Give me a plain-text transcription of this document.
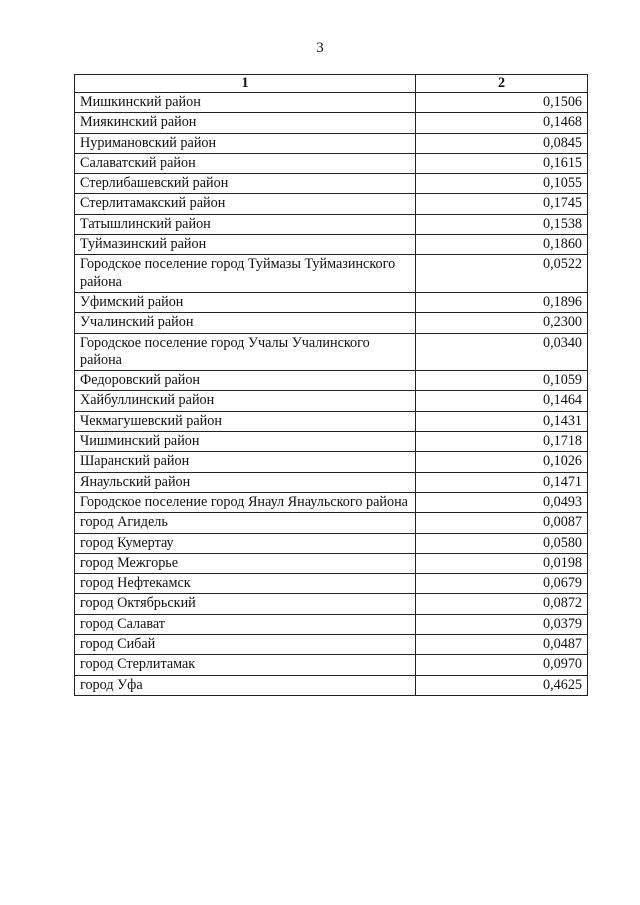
3
1	2
Мишкинский район	0,1506
Миякинский район	0,1468
Нуримановский район	0,0845
Салаватский район	0,1615
Стерлибашевский район	0,1055
Стерлитамакский район	0,1745
Татышлинский район	0,1538
Туймазинский район	0,1860
Городское поселение город Туймазы Туймазинского района	0,0522
Уфимский район	0,1896
Учалинский район	0,2300
Городское поселение город Учалы Учалинского района	0,0340
Федоровский район	0,1059
Хайбуллинский район	0,1464
Чекмагушевский район	0,1431
Чишминский район	0,1718
Шаранский район	0,1026
Янаульский район	0,1471
Городское поселение город Янаул Янаульского района	0,0493
город Агидель	0,0087
город Кумертау	0,0580
город Межгорье	0,0198
город Нефтекамск	0,0679
город Октябрьский	0,0872
город Салават	0,0379
город Сибай	0,0487
город Стерлитамак	0,0970
город Уфа	0,4625
